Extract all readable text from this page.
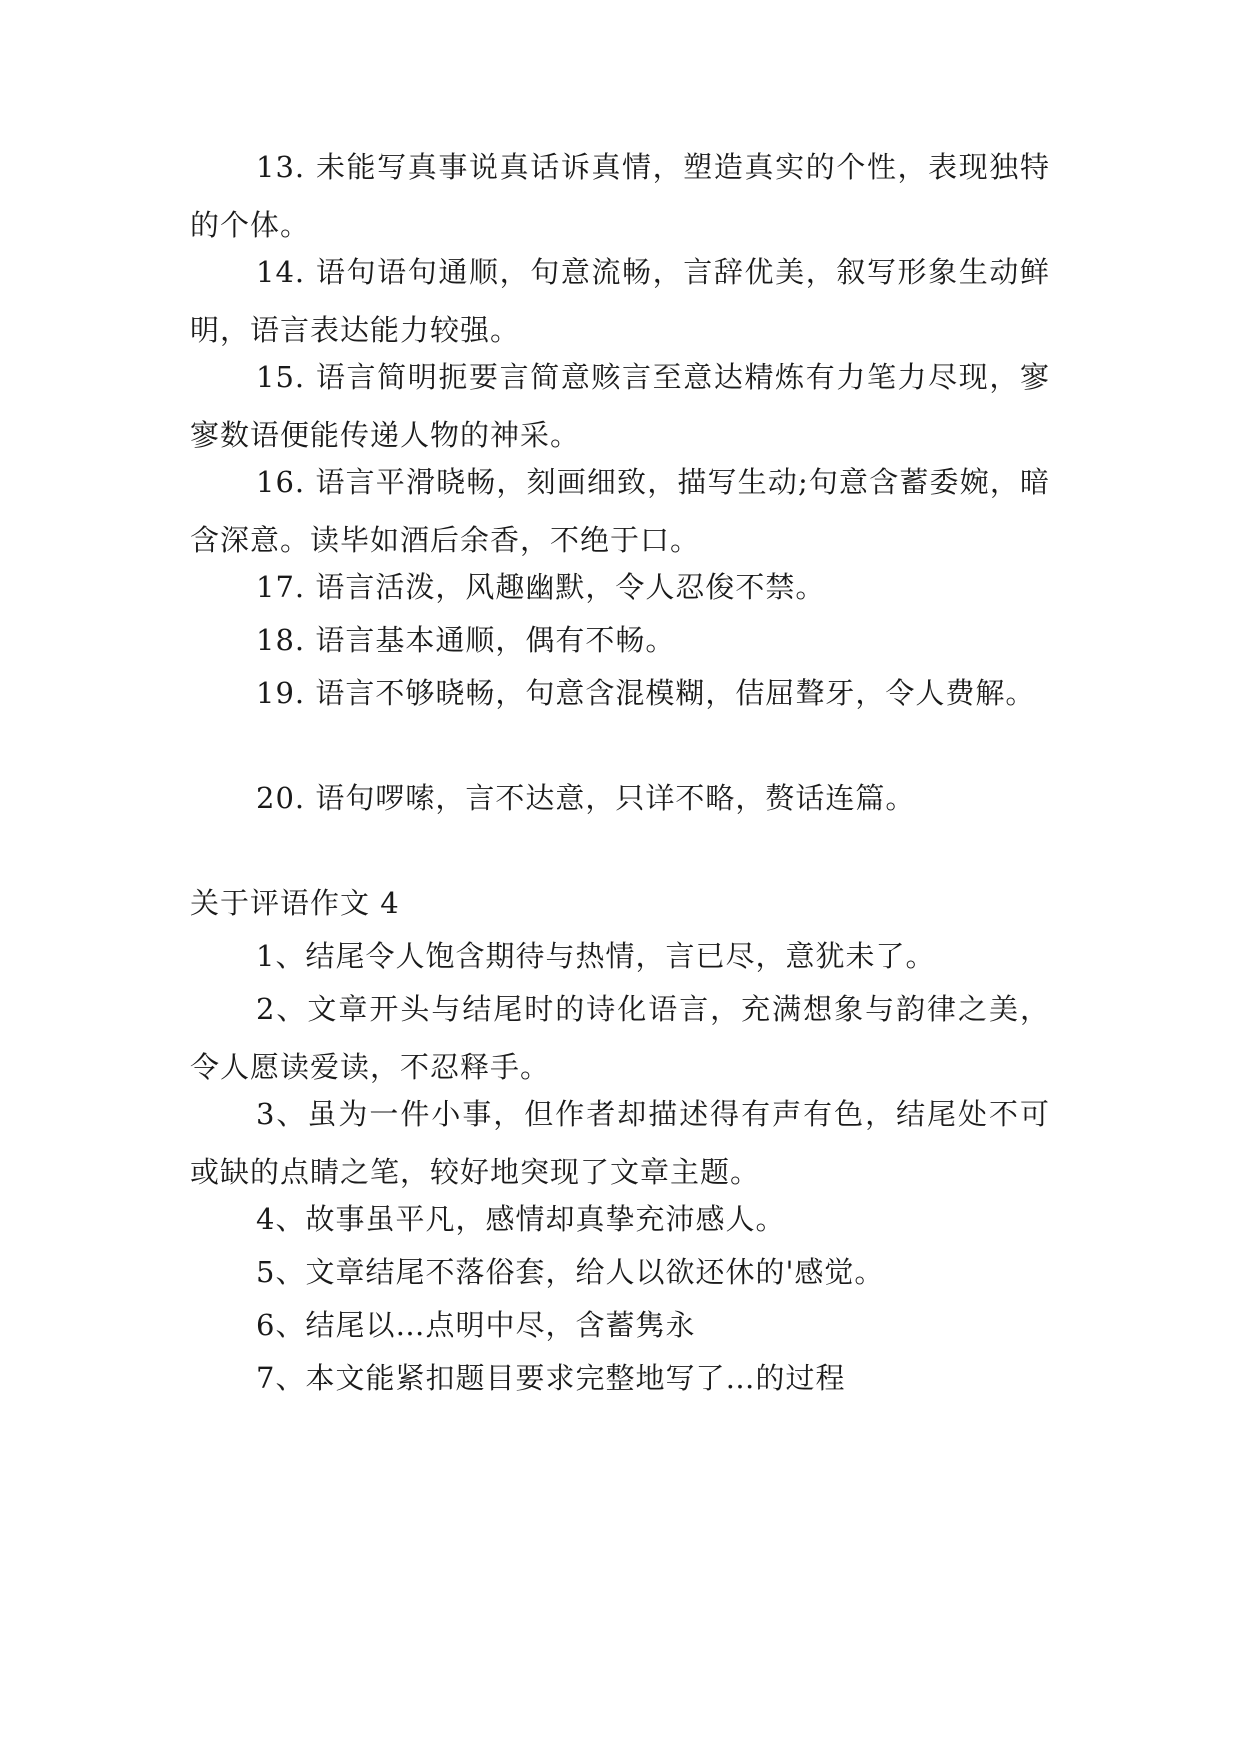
13. 未能写真事说真话诉真情，塑造真实的个性，表现独特的个体。

14. 语句语句通顺，句意流畅，言辞优美，叙写形象生动鲜明，语言表达能力较强。

15. 语言简明扼要言简意赅言至意达精炼有力笔力尽现，寥寥数语便能传递人物的神采。

16. 语言平滑晓畅，刻画细致，描写生动;句意含蓄委婉，暗含深意。读毕如酒后余香，不绝于口。

17. 语言活泼，风趣幽默，令人忍俊不禁。

18. 语言基本通顺，偶有不畅。

19. 语言不够晓畅，句意含混模糊，佶屈聱牙，令人费解。

20. 语句啰嗦，言不达意，只详不略，赘话连篇。

关于评语作文 4

1、结尾令人饱含期待与热情，言已尽，意犹未了。

2、文章开头与结尾时的诗化语言，充满想象与韵律之美，令人愿读爱读，不忍释手。

3、虽为一件小事，但作者却描述得有声有色，结尾处不可或缺的点睛之笔，较好地突现了文章主题。

4、故事虽平凡，感情却真挚充沛感人。

5、文章结尾不落俗套，给人以欲还休的'感觉。

6、结尾以…点明中尽，含蓄隽永

7、本文能紧扣题目要求完整地写了…的过程
